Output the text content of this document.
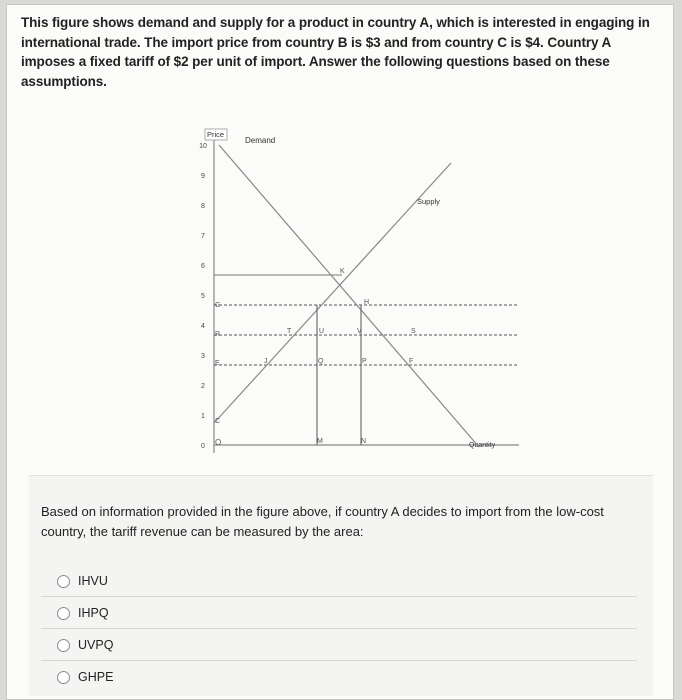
This figure shows demand and supply for a product in country A, which is interested in engaging in international trade. The import price from country B is $3 and from country C is $4. Country A imposes a fixed tariff of $2 per unit of import. Answer the following questions based on these assumptions.
Price
Quantity
10
9
8
7
6
5
4
3
2
1
0
Demand
Supply
G
R
E
C
O
K
H
T	U	V	S
J	Q	P	F
M	N
Based on information provided in the figure above, if country A decides to import from the low-cost country, the tariff revenue can be measured by the area:
IHVU
IHPQ
UVPQ
GHPE
